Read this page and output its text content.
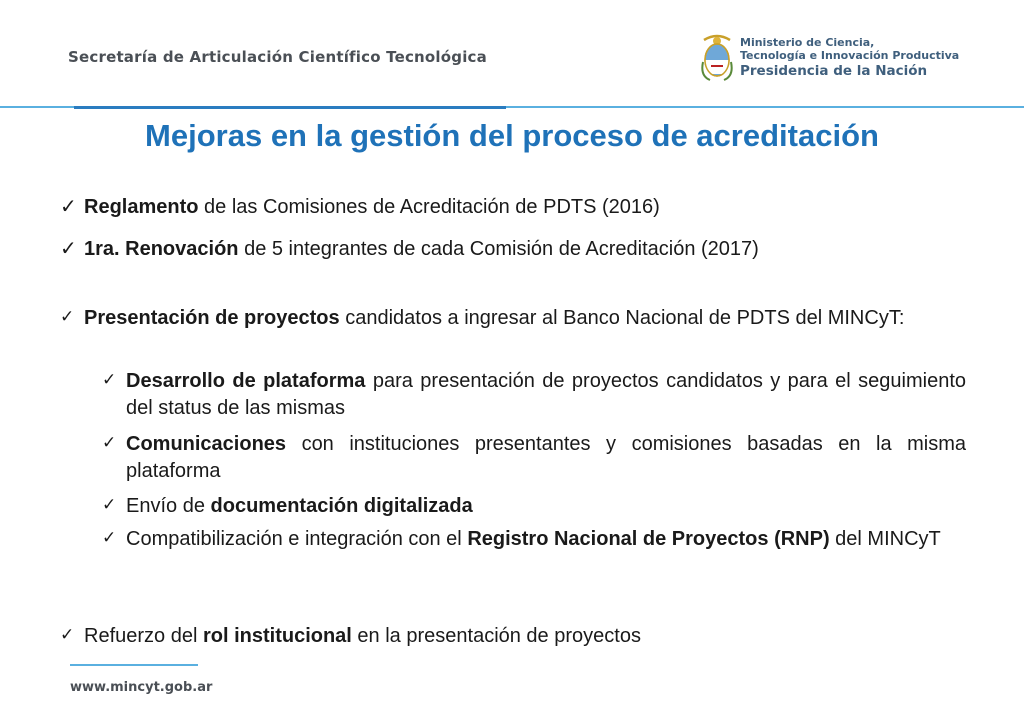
Secretaría de Articulación Científico Tecnológica
Ministerio de Ciencia,
Tecnología e Innovación Productiva
Presidencia de la Nación
Mejoras en la gestión del proceso de acreditación
✓ Reglamento de las Comisiones de Acreditación de PDTS (2016)
✓ 1ra. Renovación de 5 integrantes de cada Comisión de Acreditación (2017)
✓ Presentación de proyectos candidatos a ingresar al Banco Nacional de PDTS del MINCyT:
✓ Desarrollo de plataforma para presentación de proyectos candidatos y para el seguimiento del status de las mismas
✓ Comunicaciones con instituciones presentantes y comisiones basadas en la misma plataforma
✓ Envío de documentación digitalizada
✓ Compatibilización e integración con el Registro Nacional de Proyectos (RNP) del MINCyT
✓ Refuerzo del rol institucional en la presentación de proyectos
www.mincyt.gob.ar
